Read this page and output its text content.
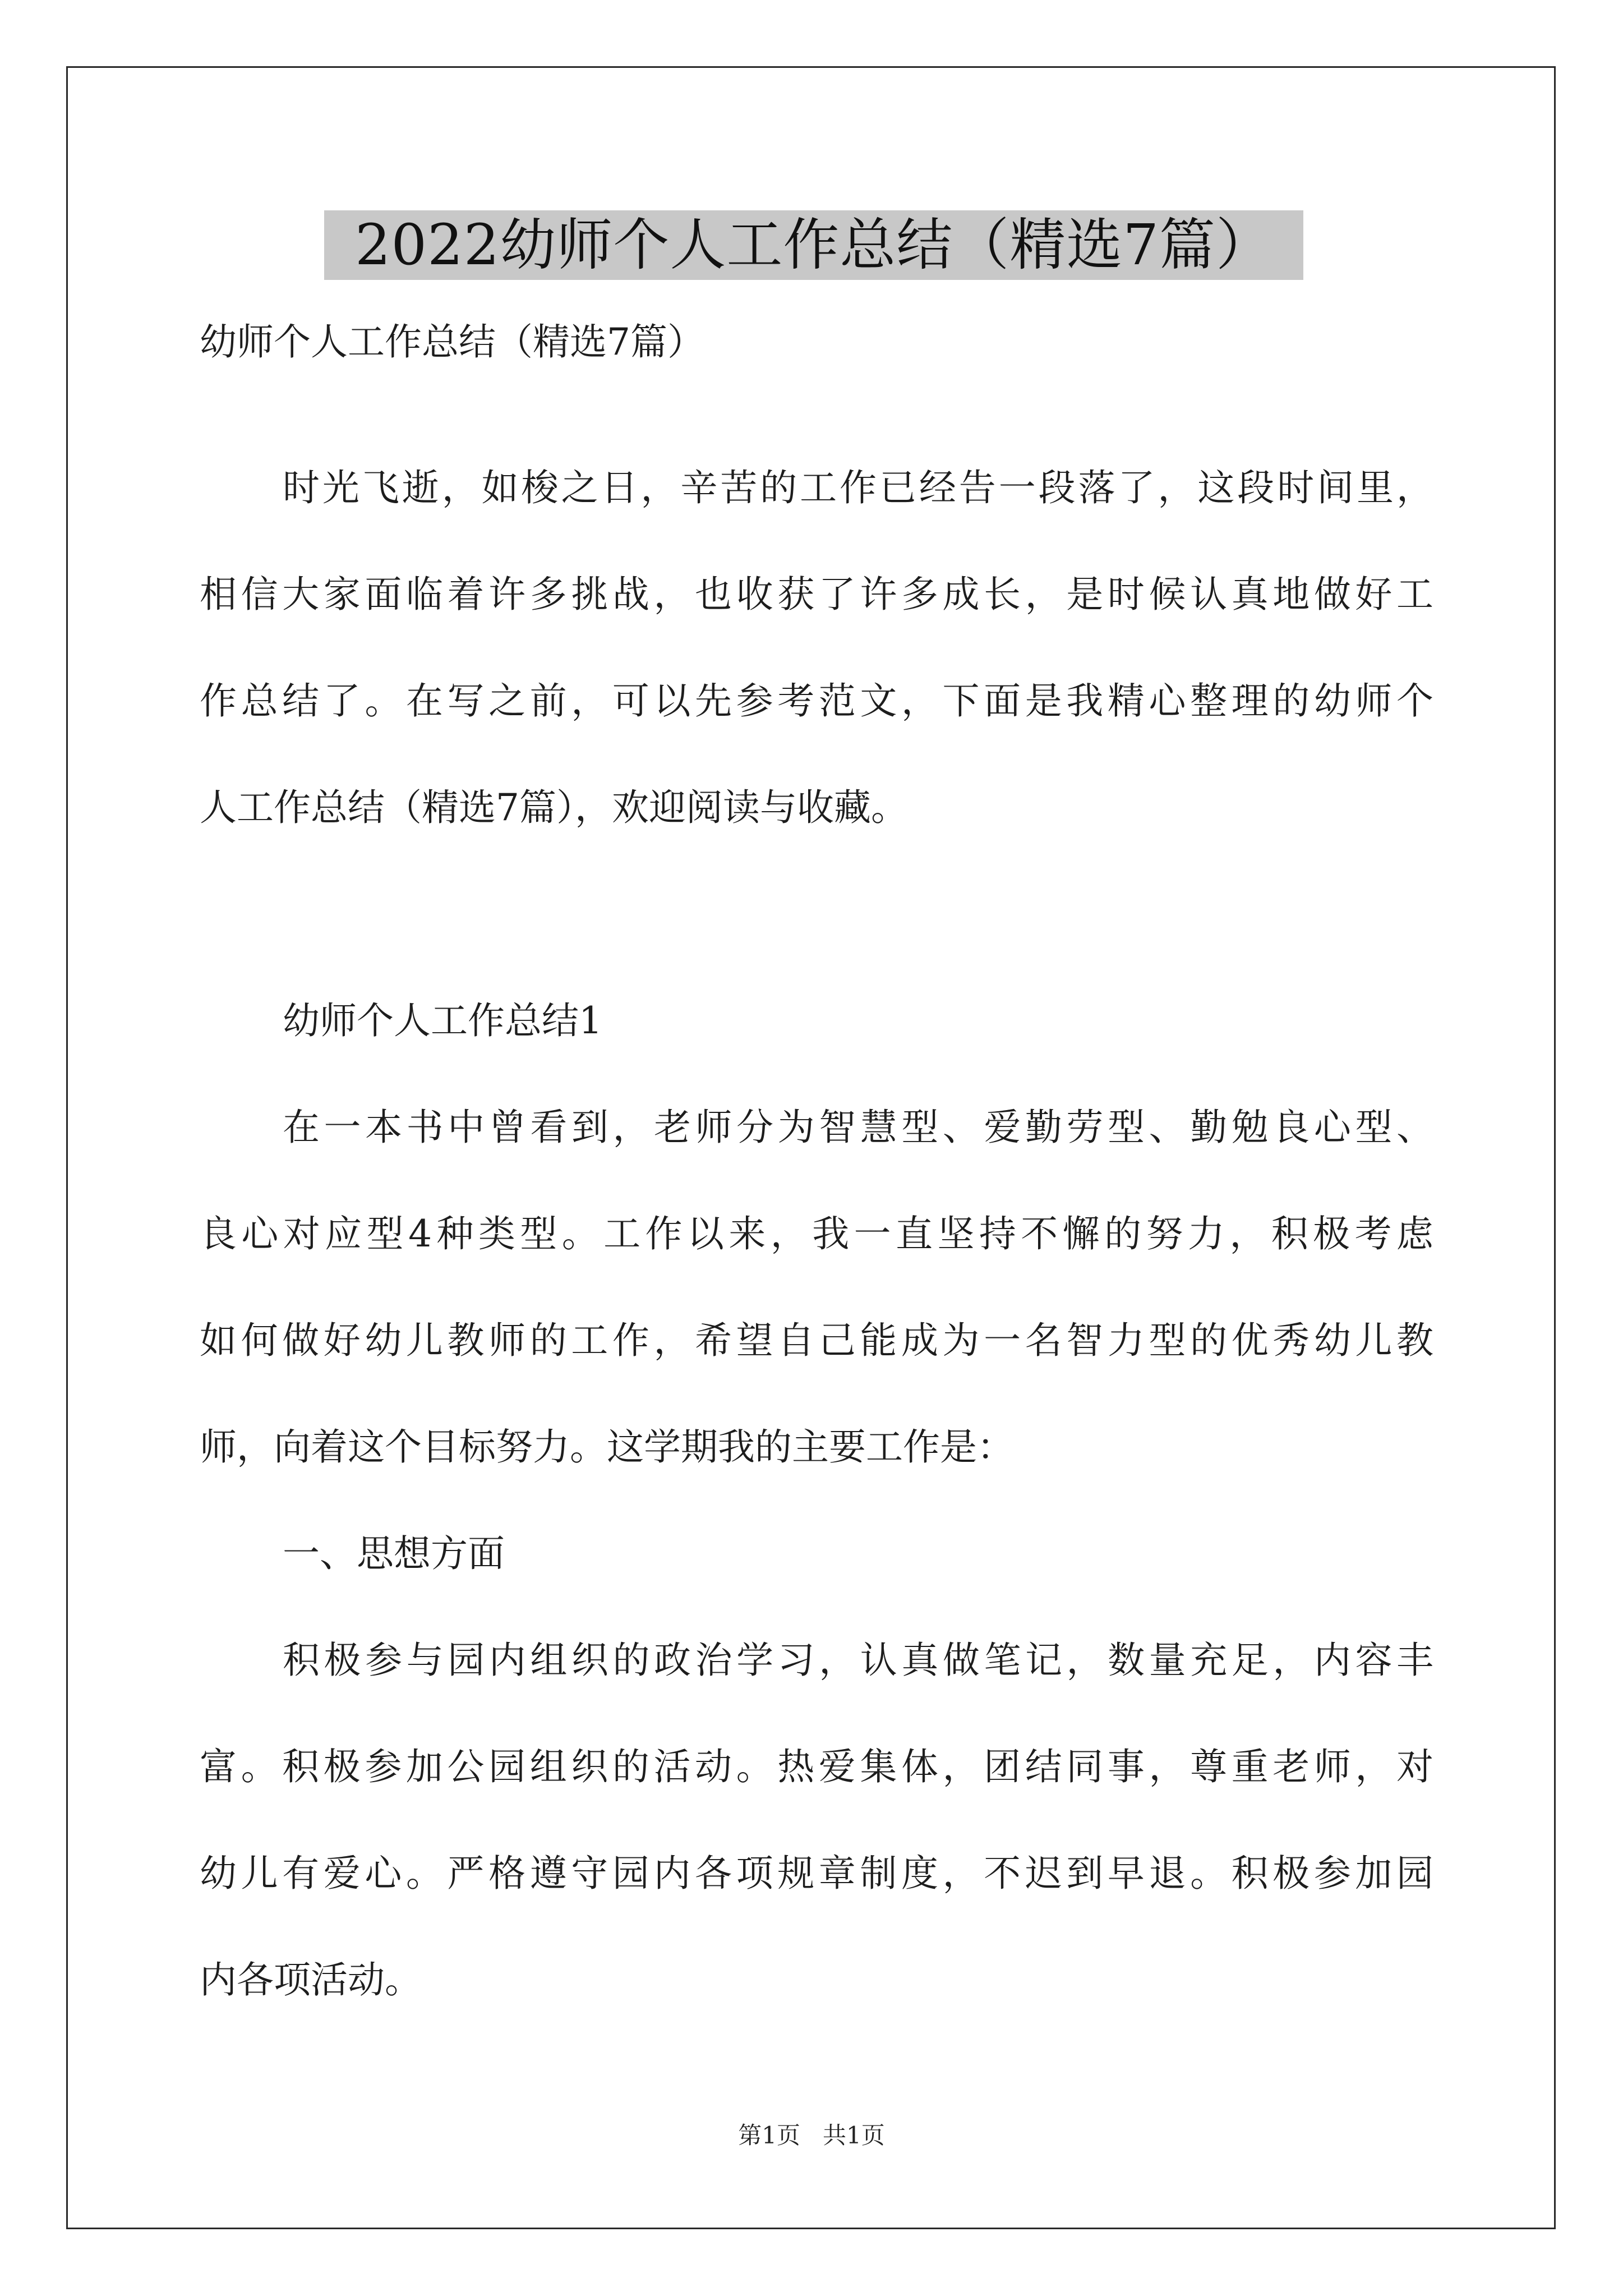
2022幼师个人工作总结（精选7篇）
幼师个人工作总结（精选7篇）
时光飞逝，如梭之日，辛苦的工作已经告一段落了，这段时间里，
相信大家面临着许多挑战，也收获了许多成长，是时候认真地做好工
作总结了。在写之前，可以先参考范文，下面是我精心整理的幼师个
人工作总结（精选7篇），欢迎阅读与收藏。
幼师个人工作总结1
在一本书中曾看到，老师分为智慧型、爱勤劳型、勤勉良心型、
良心对应型4种类型。工作以来，我一直坚持不懈的努力，积极考虑
如何做好幼儿教师的工作，希望自己能成为一名智力型的优秀幼儿教
师，向着这个目标努力。这学期我的主要工作是：
一、思想方面
积极参与园内组织的政治学习，认真做笔记，数量充足，内容丰
富。积极参加公园组织的活动。热爱集体，团结同事，尊重老师，对
幼儿有爱心。严格遵守园内各项规章制度，不迟到早退。积极参加园
内各项活动。
第1页   共1页
